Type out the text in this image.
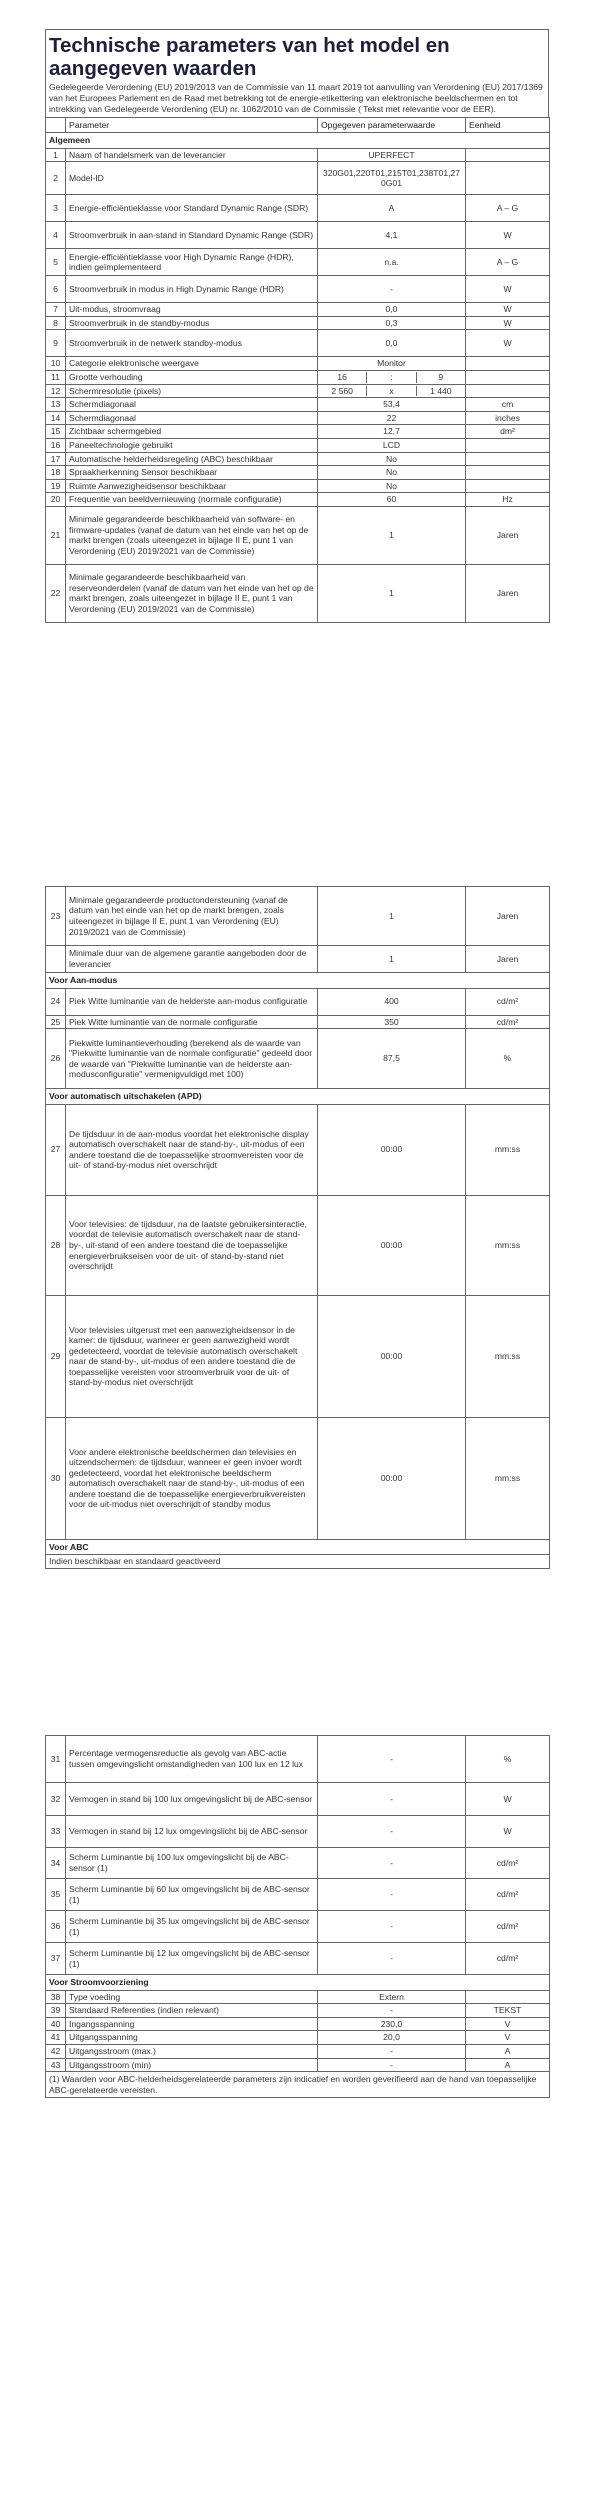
Technische parameters van het model en aangegeven waarden
Gedelegeerde Verordening (EU) 2019/2013 van de Commissie van 11 maart 2019 tot aanvulling van Verordening (EU) 2017/1369 van het Europees Parlement en de Raad met betrekking tot de energie-etikettering van elektronische beeldschermen en tot intrekking van Gedelegeerde Verordening (EU) nr. 1062/2010 van de Commissie ( Tekst met relevantie voor de EER).
	Parameter	Opgegeven parameterwaarde	Eenheid
Algemeen			
1	Naam of handelsmerk van de leverancier	UPERFECT	
2	Model-ID	320G01,220T01,215T01,238T01,270G01	
3	Energie-efficiëntieklasse voor Standard Dynamic Range (SDR)	A	A – G
4	Stroomverbruik in aan-stand in Standard Dynamic Range (SDR)	4,1	W
5	Energie-efficiëntieklasse voor High Dynamic Range (HDR), indien geïmplementeerd	n.a.	A – G
6	Stroomverbruik in modus in High Dynamic Range (HDR)	-	W
7	Uit-modus, stroomvraag	0,0	W
8	Stroomverbruik in de standby-modus	0,3	W
9	Stroomverbruik in de netwerk standby-modus	0,0	W
10	Categorie elektronische weergave	Monitor	
11	Grootte verhouding	16 : 9	

12	Schermresolutie (pixels)	2 560 x 1 440	

13	Schermdiagonaal	53,4	cm
14	Schermdiagonaal	22	inches
15	Zichtbaar schermgebied	12,7	dm²
16	Paneeltechnologie gebruikt	LCD	
17	Automatische helderheidsregeling (ABC) beschikbaar	No	
18	Spraakherkenning Sensor beschikbaar	No	
19	Ruimte Aanwezigheidsensor beschikbaar	No	
20	Frequentie van beeldvernieuwing (normale configuratie)	60	Hz
21	Minimale gegarandeerde beschikbaarheid van software- en firmware-updates (vanaf de datum van het einde van het op de markt brengen (zoals uiteengezet in bijlage II E, punt 1 van Verordening (EU) 2019/2021 van de Commissie)	1	Jaren
22	Minimale gegarandeerde beschikbaarheid van reserveonderdelen (vanaf de datum van het einde van het op de markt brengen, zoals uiteengezet in bijlage II E, punt 1 van Verordening (EU) 2019/2021 van de Commissie)	1	Jaren
23	Minimale gegarandeerde productondersteuning (vanaf de datum van het einde van het op de markt brengen, zoals uiteengezet in bijlage II E, punt 1 van Verordening (EU) 2019/2021 van de Commissie)	1	Jaren
	Minimale duur van de algemene garantie aangeboden door de leverancier	1	Jaren
Voor Aan-modus			
24	Piek Witte luminantie van de helderste aan-modus configuratie	400	cd/m²
25	Piek Witte luminantie van de normale configuratie	350	cd/m²
26	Piekwitte luminantieverhouding (berekend als de waarde van "Piekwitte luminantie van de normale configuratie" gedeeld door de waarde van "Piekwitte luminantie van de helderste aan-modusconfiguratie" vermenigvuldigd met 100)	87,5	%
Voor automatisch uitschakelen (APD)			
27	De tijdsduur in de aan-modus voordat het elektronische display automatisch overschakelt naar de stand-by-, uit-modus of een andere toestand die de toepasselijke stroomvereisten voor de uit- of stand-by-modus niet overschrijdt	00:00	mm:ss
28	Voor televisies: de tijdsduur, na de laatste gebruikersinteractie, voordat de televisie automatisch overschakelt naar de stand-by-, uit-stand of een andere toestand die de toepasselijke energieverbruikseisen voor de uit- of stand-by-stand niet overschrijdt	00:00	mm:ss
29	Voor televisies uitgerust met een aanwezigheidsensor in de kamer: de tijdsduur, wanneer er geen aanwezigheid wordt gedetecteerd, voordat de televisie automatisch overschakelt naar de stand-by-, uit-modus of een andere toestand die de toepasselijke vereisten voor stroomverbruik voor de uit- of stand-by-modus niet overschrijdt	00:00	mm:ss
30	Voor andere elektronische beeldschermen dan televisies en uitzendschermen: de tijdsduur, wanneer er geen invoer wordt gedetecteerd, voordat het elektronische beeldscherm automatisch overschakelt naar de stand-by-, uit-modus of een andere toestand die de toepasselijke energieverbruikvereisten voor de uit-modus niet overschrijdt of standby modus	00:00	mm:ss
Voor ABC			
Indien beschikbaar en standaard geactiveerd			
31	Percentage vermogensreductie als gevolg van ABC-actie tussen omgevingslicht omstandigheden van 100 lux en 12 lux	-	%
32	Vermogen in stand bij 100 lux omgevingslicht bij de ABC-sensor	-	W
33	Vermogen in stand bij 12 lux omgevingslicht bij de ABC-sensor	-	W
34	Scherm Luminantie bij 100 lux omgevingslicht bij de ABC-sensor (1)	-	cd/m²
35	Scherm Luminantie bij 60 lux omgevingslicht bij de ABC-sensor (1)	-	cd/m²
36	Scherm Luminantie bij 35 lux omgevingslicht bij de ABC-sensor (1)	-	cd/m²
37	Scherm Luminantie bij 12 lux omgevingslicht bij de ABC-sensor (1)	-	cd/m²
Voor Stroomvoorziening			
38	Type voeding	Extern	
39	Standaard Referenties (indien relevant)	-	TEKST
40	Ingangsspanning	230,0	V
41	Uitgangsspanning	20,0	V
42	Uitgangsstroom (max.)	-	A
43	Uitgangsstroom (min)	-	A
(1) Waarden voor ABC-helderheidsgerelateerde parameters zijn indicatief en worden geverifieerd aan de hand van toepasselijke ABC-gerelateerde vereisten.			
